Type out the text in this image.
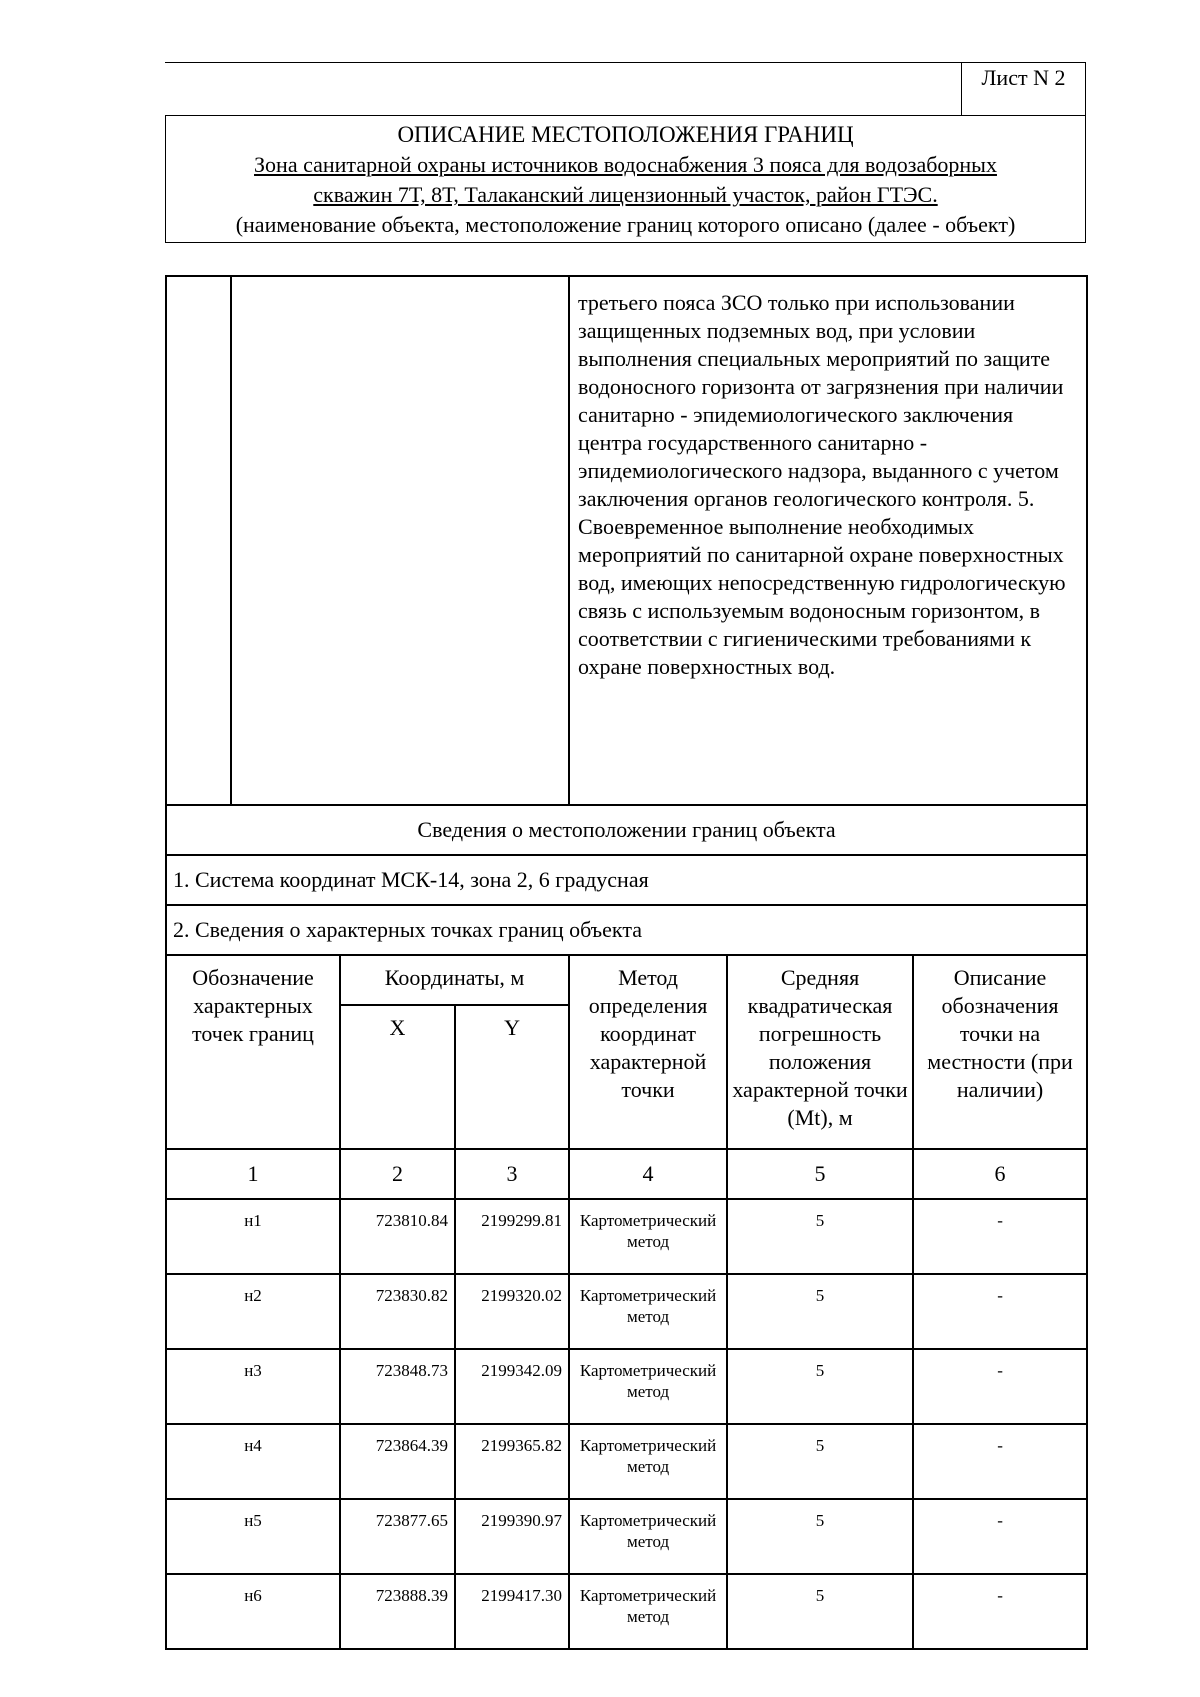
Лист N 2
ОПИСАНИЕ МЕСТОПОЛОЖЕНИЯ ГРАНИЦ
Зона санитарной охраны источников водоснабжения 3 пояса для водозаборных
скважин 7Т, 8Т, Талаканский лицензионный участок, район ГТЭС.
(наименование объекта, местоположение границ которого описано (далее - объект)
				третьего пояса ЗСО только при использовании защищенных подземных вод, при условии выполнения специальных мероприятий по защите водоносного горизонта от загрязнения при наличии санитарно - эпидемиологического заключения центра государственного санитарно - эпидемиологического надзора, выданного с учетом заключения органов геологического контроля. 5. Своевременное выполнение необходимых мероприятий по санитарной охране поверхностных вод, имеющих непосредственную гидрологическую связь с используемым водоносным горизонтом, в соответствии с гигиеническими требованиями к охране поверхностных вод.		
Сведения о местоположении границ объекта						
1. Система координат МСК-14, зона 2, 6 градусная						
2. Сведения о характерных точках границ объекта						
Обозначение характерных точек границ		Координаты, м		Метод определения координат характерной точки	Средняя квадратическая погрешность положения характерной точки (Mt), м	Описание обозначения точки на местности (при наличии)
		X	Y			
1		2	3	4	5	6
н1		723810.84	2199299.81	Картометрический метод	5	-
н2		723830.82	2199320.02	Картометрический метод	5	-
н3		723848.73	2199342.09	Картометрический метод	5	-
н4		723864.39	2199365.82	Картометрический метод	5	-
н5		723877.65	2199390.97	Картометрический метод	5	-
н6		723888.39	2199417.30	Картометрический метод	5	-
